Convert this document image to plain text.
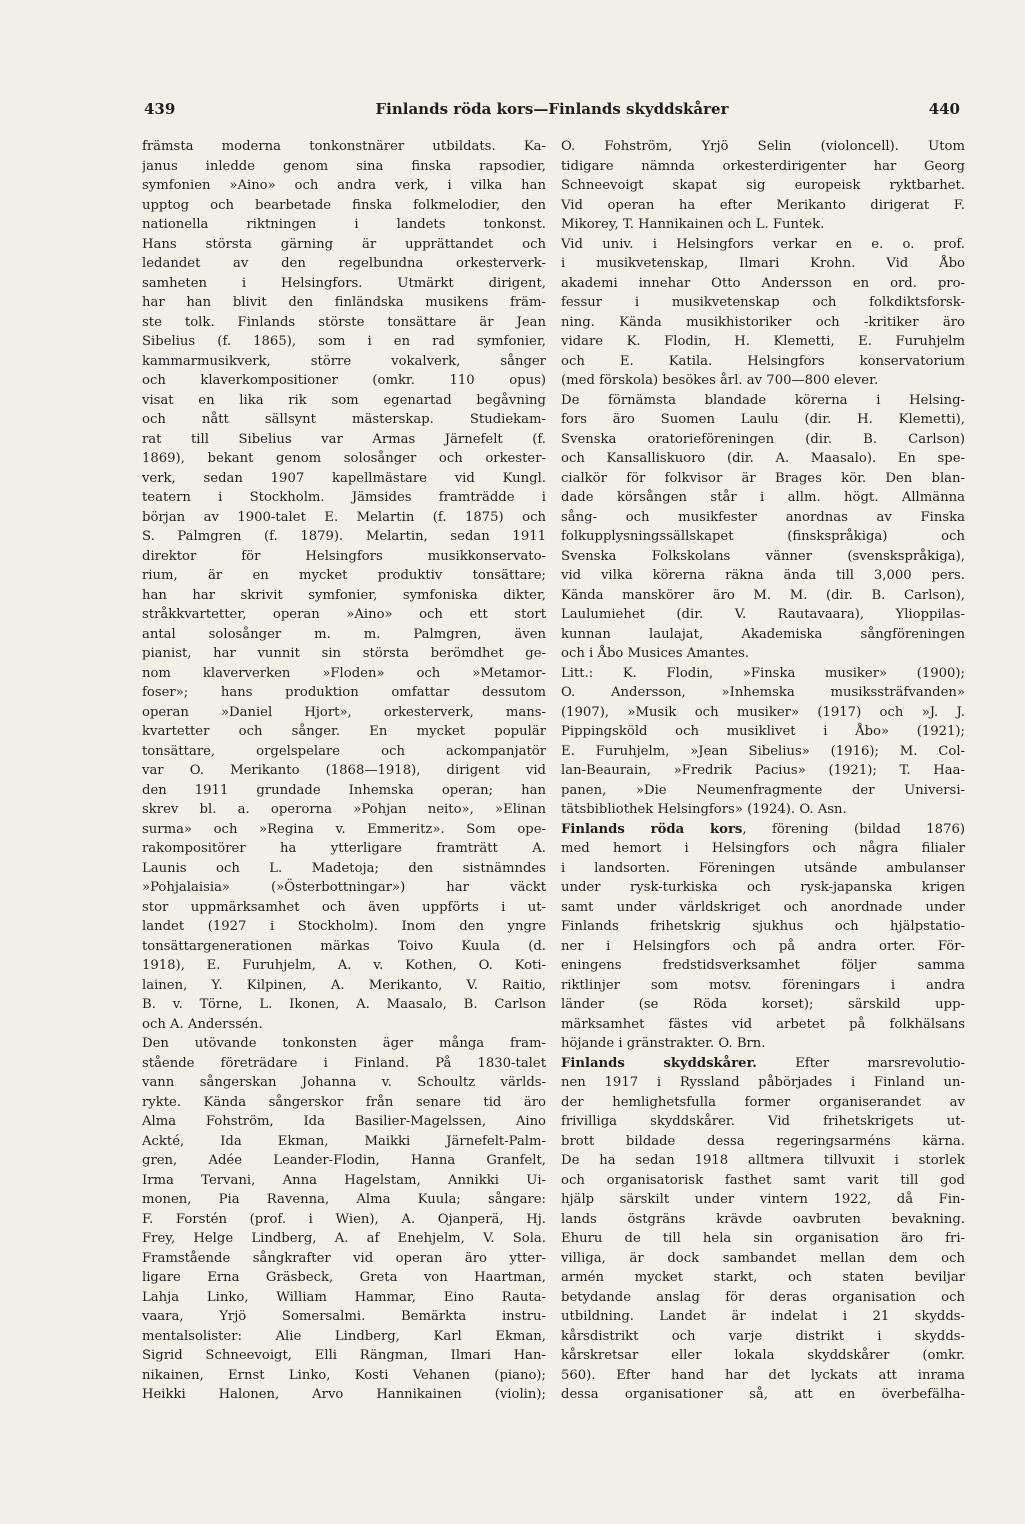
439	Finlands röda kors—Finlands skyddskårer	440
främsta moderna tonkonstnärer utbildats. Ka-
janus inledde genom sina finska rapsodier,
symfonien »Aino» och andra verk, i vilka han
upptog och bearbetade finska folkmelodier, den
nationella riktningen i landets tonkonst.
Hans största gärning är upprättandet och
ledandet av den regelbundna orkesterverk-
samheten i Helsingfors. Utmärkt dirigent,
har han blivit den finländska musikens främ-
ste tolk. Finlands störste tonsättare är Jean
Sibelius (f. 1865), som i en rad symfonier,
kammarmusikverk, större vokalverk, sånger
och klaverkompositioner (omkr. 110 opus)
visat en lika rik som egenartad begåvning
och nått sällsynt mästerskap. Studiekam-
rat till Sibelius var Armas Järnefelt (f.
1869), bekant genom solosånger och orkester-
verk, sedan 1907 kapellmästare vid Kungl.
teatern i Stockholm. Jämsides framträdde i
början av 1900-talet E. Melartin (f. 1875) och
S. Palmgren (f. 1879). Melartin, sedan 1911
direktor för Helsingfors musikkonservato-
rium, är en mycket produktiv tonsättare;
han har skrivit symfonier, symfoniska dikter,
stråkkvartetter, operan »Aino» och ett stort
antal solosånger m. m. Palmgren, även
pianist, har vunnit sin största berömdhet ge-
nom klaververken »Floden» och »Metamor-
foser»; hans produktion omfattar dessutom
operan »Daniel Hjort», orkesterverk, mans-
kvartetter och sånger. En mycket populär
tonsättare, orgelspelare och ackompanjatör
var O. Merikanto (1868—1918), dirigent vid
den 1911 grundade Inhemska operan; han
skrev bl. a. operorna »Pohjan neito», »Elinan
surma» och »Regina v. Emmeritz». Som ope-
rakompositörer ha ytterligare framträtt A.
Launis och L. Madetoja; den sistnämndes
»Pohjalaisia» (»Österbottningar») har väckt
stor uppmärksamhet och även uppförts i ut-
landet (1927 i Stockholm). Inom den yngre
tonsättargenerationen märkas Toivo Kuula (d.
1918), E. Furuhjelm, A. v. Kothen, O. Koti-
lainen, Y. Kilpinen, A. Merikanto, V. Raitio,
B. v. Törne, L. Ikonen, A. Maasalo, B. Carlson
och A. Anderssén.
Den utövande tonkonsten äger många fram-
stående företrädare i Finland. På 1830-talet
vann sångerskan Johanna v. Schoultz världs-
rykte. Kända sångerskor från senare tid äro
Alma Fohström, Ida Basilier-Magelssen, Aino
Ackté, Ida Ekman, Maikki Järnefelt-Palm-
gren, Adée Leander-Flodin, Hanna Granfelt,
Irma Tervani, Anna Hagelstam, Annikki Ui-
monen, Pia Ravenna, Alma Kuula; sångare:
F. Forstén (prof. i Wien), A. Ojanperä, Hj.
Frey, Helge Lindberg, A. af Enehjelm, V. Sola.
Framstående sångkrafter vid operan äro ytter-
ligare Erna Gräsbeck, Greta von Haartman,
Lahja Linko, William Hammar, Eino Rauta-
vaara, Yrjö Somersalmi. Bemärkta instru-
mentalsolister: Alie Lindberg, Karl Ekman,
Sigrid Schneevoigt, Elli Rängman, Ilmari Han-
nikainen, Ernst Linko, Kosti Vehanen (piano);
Heikki Halonen, Arvo Hannikainen (violin);
O. Fohström, Yrjö Selin (violoncell). Utom
tidigare nämnda orkesterdirigenter har Georg
Schneevoigt skapat sig europeisk ryktbarhet.
Vid operan ha efter Merikanto dirigerat F.
Mikorey, T. Hannikainen och L. Funtek.
Vid univ. i Helsingfors verkar en e. o. prof.
i musikvetenskap, Ilmari Krohn. Vid Åbo
akademi innehar Otto Andersson en ord. pro-
fessur i musikvetenskap och folkdiktsforsk-
ning. Kända musikhistoriker och -kritiker äro
vidare K. Flodin, H. Klemetti, E. Furuhjelm
och E. Katila. Helsingfors konservatorium
(med förskola) besökes årl. av 700—800 elever.
De förnämsta blandade körerna i Helsing-
fors äro Suomen Laulu (dir. H. Klemetti),
Svenska oratorieföreningen (dir. B. Carlson)
och Kansalliskuoro (dir. A. Maasalo). En spe-
cialkör för folkvisor är Brages kör. Den blan-
dade körsången står i allm. högt. Allmänna
sång- och musikfester anordnas av Finska
folkupplysningssällskapet (finskspråkiga) och
Svenska Folkskolans vänner (svenskspråkiga),
vid vilka körerna räkna ända till 3,000 pers.
Kända manskörer äro M. M. (dir. B. Carlson),
Laulumiehet (dir. V. Rautavaara), Ylioppilas-
kunnan laulajat, Akademiska sångföreningen
och i Åbo Musices Amantes.
Litt.: K. Flodin, »Finska musiker» (1900);
O. Andersson, »Inhemska musikssträfvanden»
(1907), »Musik och musiker» (1917) och »J. J.
Pippingsköld och musiklivet i Åbo» (1921);
E. Furuhjelm, »Jean Sibelius» (1916); M. Col-
lan-Beaurain, »Fredrik Pacius» (1921); T. Haa-
panen, »Die Neumenfragmente der Universi-
tätsbibliothek Helsingfors» (1924). O. Asn.
Finlands röda kors, förening (bildad 1876)
med hemort i Helsingfors och några filialer
i landsorten. Föreningen utsände ambulanser
under rysk-turkiska och rysk-japanska krigen
samt under världskriget och anordnade under
Finlands frihetskrig sjukhus och hjälpstatio-
ner i Helsingfors och på andra orter. För-
eningens fredstidsverksamhet följer samma
riktlinjer som motsv. föreningars i andra
länder (se Röda korset); särskild upp-
märksamhet fästes vid arbetet på folkhälsans
höjande i gränstrakter. O. Brn.
Finlands skyddskårer. Efter marsrevolutio-
nen 1917 i Ryssland påbörjades i Finland un-
der hemlighetsfulla former organiserandet av
frivilliga skyddskårer. Vid frihetskrigets ut-
brott bildade dessa regeringsarméns kärna.
De ha sedan 1918 alltmera tillvuxit i storlek
och organisatorisk fasthet samt varit till god
hjälp särskilt under vintern 1922, då Fin-
lands östgräns krävde oavbruten bevakning.
Ehuru de till hela sin organisation äro fri-
villiga, är dock sambandet mellan dem och
armén mycket starkt, och staten beviljar
betydande anslag för deras organisation och
utbildning. Landet är indelat i 21 skydds-
kårsdistrikt och varje distrikt i skydds-
kårskretsar eller lokala skyddskårer (omkr.
560). Efter hand har det lyckats att inrama
dessa organisationer så, att en överbefälha-
